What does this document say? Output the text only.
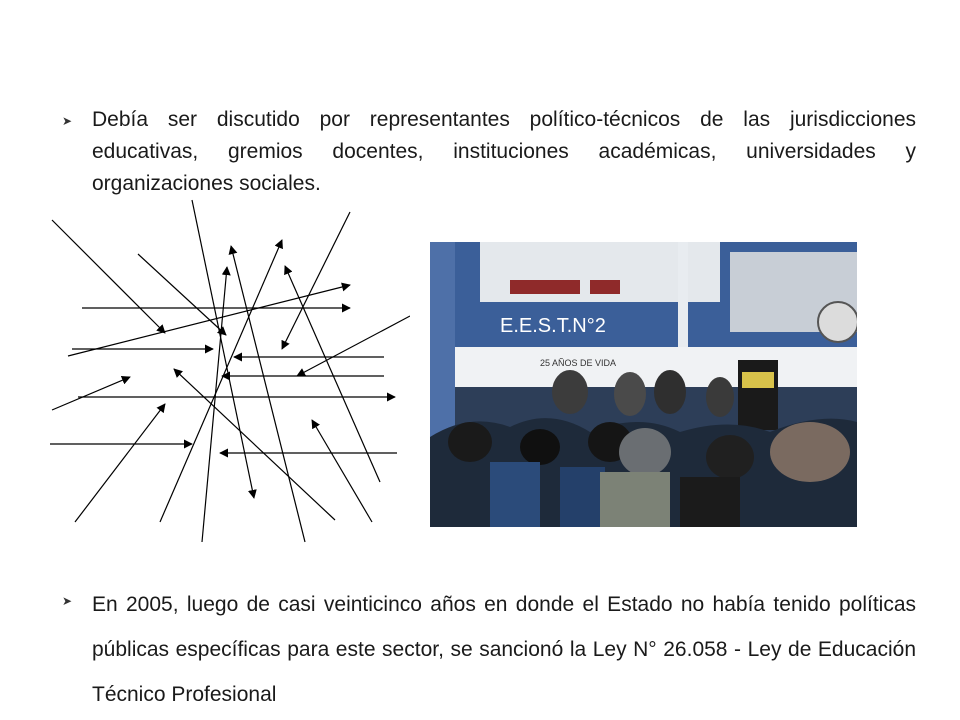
➤ Debía ser discutido por representantes político-técnicos de las jurisdicciones educativas, gremios docentes, instituciones académicas, universidades y organizaciones sociales.
E.E.S.T.N°2
25 AÑOS DE VIDA
➤ En 2005, luego de casi veinticinco años en donde el Estado no había tenido políticas públicas específicas para este sector, se sancionó la Ley N° 26.058 - Ley de Educación Técnico Profesional
